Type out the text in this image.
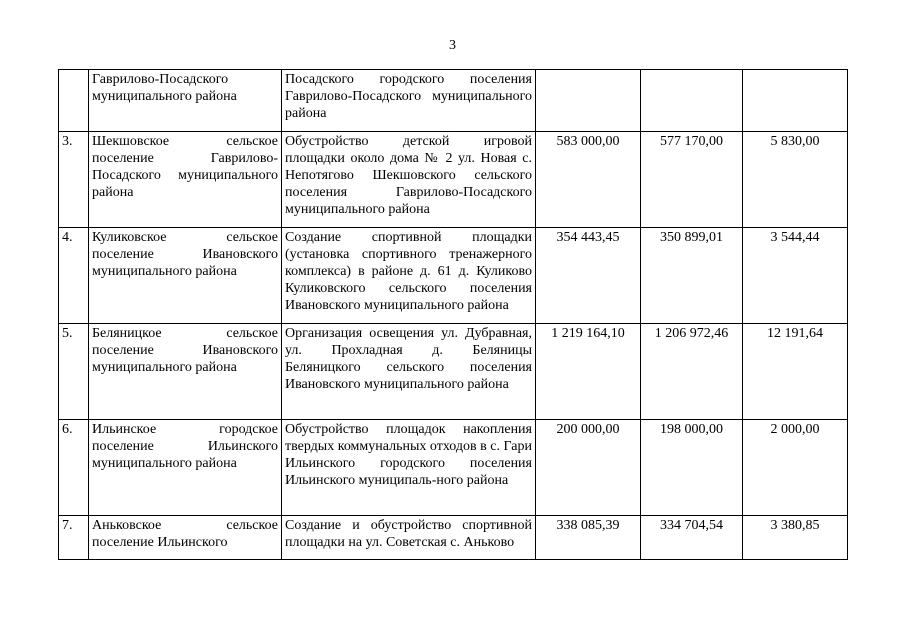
3
	Гаврилово-Посадского муниципального района	Посадского городского поселения Гаврилово-Посадского муниципального района			
3.	Шекшовское сельское поселение Гаврилово-Посадского муниципального района	Обустройство детской игровой площадки около дома № 2 ул. Новая с. Непотягово Шекшовского сельского поселения Гаврилово-Посадского муниципального района	583 000,00	577 170,00	5 830,00
4.	Куликовское сельское поселение Ивановского муниципального района	Создание спортивной площадки (установка спортивного тренажерного комплекса) в районе д. 61 д. Куликово Куликовского сельского поселения Ивановского муниципального района	354 443,45	350 899,01	3 544,44
5.	Беляницкое сельское поселение Ивановского муниципального района	Организация освещения ул. Дубравная, ул. Прохладная д. Беляницы Беляницкого сельского поселения Ивановского муниципального района	1 219 164,10	1 206 972,46	12 191,64
6.	Ильинское городское поселение Ильинского муниципального района	Обустройство площадок накопления твердых коммунальных отходов в с. Гари Ильинского городского поселения Ильинского муниципаль-ного района	200 000,00	198 000,00	2 000,00
7.	Аньковское сельское поселение Ильинского	Создание и обустройство спортивной площадки на ул. Советская с. Аньково	338 085,39	334 704,54	3 380,85
